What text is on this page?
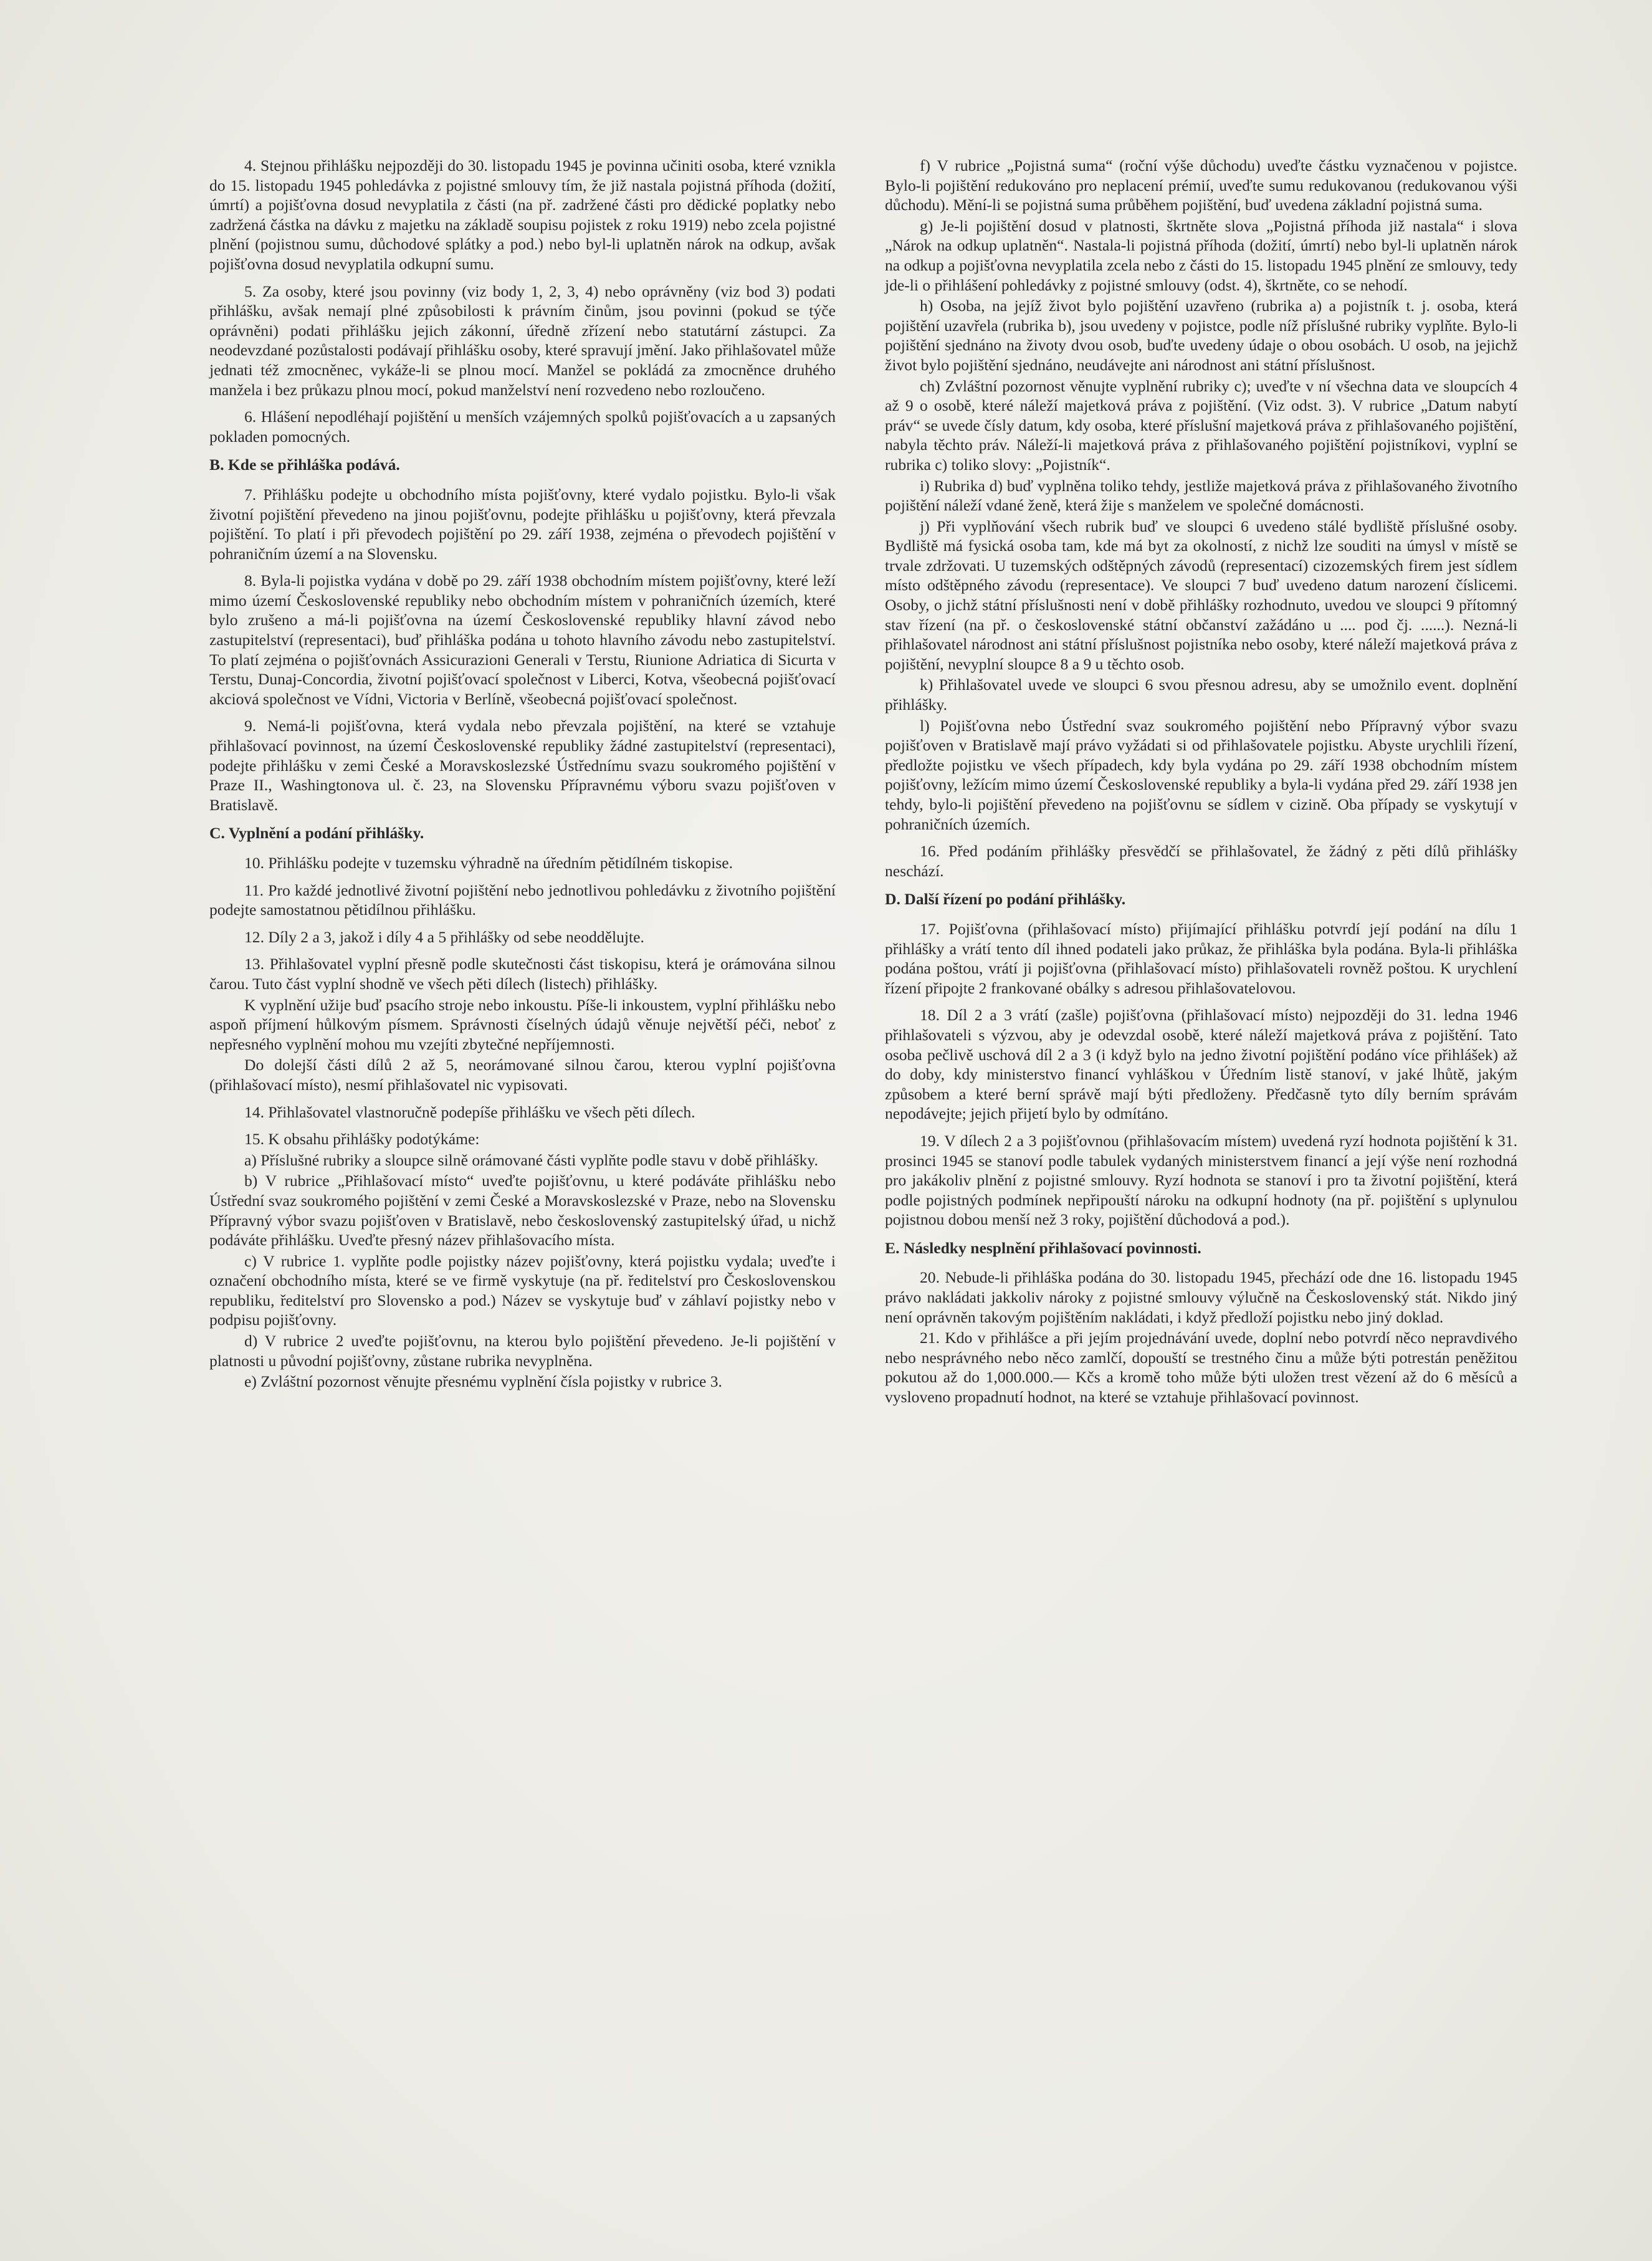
4. Stejnou přihlášku nejpozději do 30. listopadu 1945 je povinna učiniti osoba, které vznikla do 15. listopadu 1945 pohledávka z pojistné smlouvy tím, že již nastala pojistná příhoda (dožití, úmrtí) a pojišťovna dosud nevyplatila z části (na př. zadržené části pro dědické poplatky nebo zadržená částka na dávku z majetku na základě soupisu pojistek z roku 1919) nebo zcela pojistné plnění (pojistnou sumu, důchodové splátky a pod.) nebo byl-li uplatněn nárok na odkup, avšak pojišťovna dosud nevyplatila odkupní sumu.

5. Za osoby, které jsou povinny (viz body 1, 2, 3, 4) nebo oprávněny (viz bod 3) podati přihlášku, avšak nemají plné způsobilosti k právním činům, jsou povinni (pokud se týče oprávněni) podati přihlášku jejich zákonní, úředně zřízení nebo statutární zástupci. Za neodevzdané pozůstalosti podávají přihlášku osoby, které spravují jmění. Jako přihlašovatel může jednati též zmocněnec, vykáže-li se plnou mocí. Manžel se pokládá za zmocněnce druhého manžela i bez průkazu plnou mocí, pokud manželství není rozvedeno nebo rozloučeno.

6. Hlášení nepodléhají pojištění u menších vzájemných spolků pojišťovacích a u zapsaných pokladen pomocných.

B. Kde se přihláška podává.

7. Přihlášku podejte u obchodního místa pojišťovny, které vydalo pojistku. Bylo-li však životní pojištění převedeno na jinou pojišťovnu, podejte přihlášku u pojišťovny, která převzala pojištění. To platí i při převodech pojištění po 29. září 1938, zejména o převodech pojištění v pohraničním území a na Slovensku.

8. Byla-li pojistka vydána v době po 29. září 1938 obchodním místem pojišťovny, které leží mimo území Československé republiky nebo obchodním místem v pohraničních územích, které bylo zrušeno a má-li pojišťovna na území Československé republiky hlavní závod nebo zastupitelství (representaci), buď přihláška podána u tohoto hlavního závodu nebo zastupitelství. To platí zejména o pojišťovnách Assicurazioni Generali v Terstu, Riunione Adriatica di Sicurta v Terstu, Dunaj-Concordia, životní pojišťovací společnost v Liberci, Kotva, všeobecná pojišťovací akciová společnost ve Vídni, Victoria v Berlíně, všeobecná pojišťovací společnost.

9. Nemá-li pojišťovna, která vydala nebo převzala pojištění, na které se vztahuje přihlašovací povinnost, na území Československé republiky žádné zastupitelství (representaci), podejte přihlášku v zemi České a Moravskoslezské Ústřednímu svazu soukromého pojištění v Praze II., Washingtonova ul. č. 23, na Slovensku Přípravnému výboru svazu pojišťoven v Bratislavě.

C. Vyplnění a podání přihlášky.

10. Přihlášku podejte v tuzemsku výhradně na úředním pětidílném tiskopise.

11. Pro každé jednotlivé životní pojištění nebo jednotlivou pohledávku z životního pojištění podejte samostatnou pětidílnou přihlášku.

12. Díly 2 a 3, jakož i díly 4 a 5 přihlášky od sebe neoddělujte.

13. Přihlašovatel vyplní přesně podle skutečnosti část tiskopisu, která je orámována silnou čarou. Tuto část vyplní shodně ve všech pěti dílech (listech) přihlášky.

K vyplnění užije buď psacího stroje nebo inkoustu. Píše-li inkoustem, vyplní přihlášku nebo aspoň příjmení hůlkovým písmem. Správnosti číselných údajů věnuje největší péči, neboť z nepřesného vyplnění mohou mu vzejíti zbytečné nepříjemnosti.

Do dolejší části dílů 2 až 5, neorámované silnou čarou, kterou vyplní pojišťovna (přihlašovací místo), nesmí přihlašovatel nic vypisovati.

14. Přihlašovatel vlastnoručně podepíše přihlášku ve všech pěti dílech.

15. K obsahu přihlášky podotýkáme:

a) Příslušné rubriky a sloupce silně orámované části vyplňte podle stavu v době přihlášky.

b) V rubrice „Přihlašovací místo“ uveďte pojišťovnu, u které podáváte přihlášku nebo Ústřední svaz soukromého pojištění v zemi České a Moravskoslezské v Praze, nebo na Slovensku Přípravný výbor svazu pojišťoven v Bratislavě, nebo československý zastupitelský úřad, u nichž podáváte přihlášku. Uveďte přesný název přihlašovacího místa.

c) V rubrice 1. vyplňte podle pojistky název pojišťovny, která pojistku vydala; uveďte i označení obchodního místa, které se ve firmě vyskytuje (na př. ředitelství pro Československou republiku, ředitelství pro Slovensko a pod.) Název se vyskytuje buď v záhlaví pojistky nebo v podpisu pojišťovny.

d) V rubrice 2 uveďte pojišťovnu, na kterou bylo pojištění převedeno. Je-li pojištění v platnosti u původní pojišťovny, zůstane rubrika nevyplněna.

e) Zvláštní pozornost věnujte přesnému vyplnění čísla pojistky v rubrice 3.

f) V rubrice „Pojistná suma“ (roční výše důchodu) uveďte částku vyznačenou v pojistce. Bylo-li pojištění redukováno pro neplacení prémií, uveďte sumu redukovanou (redukovanou výši důchodu). Mění-li se pojistná suma průběhem pojištění, buď uvedena základní pojistná suma.

g) Je-li pojištění dosud v platnosti, škrtněte slova „Pojistná příhoda již nastala“ i slova „Nárok na odkup uplatněn“. Nastala-li pojistná příhoda (dožití, úmrtí) nebo byl-li uplatněn nárok na odkup a pojišťovna nevyplatila zcela nebo z části do 15. listopadu 1945 plnění ze smlouvy, tedy jde-li o přihlášení pohledávky z pojistné smlouvy (odst. 4), škrtněte, co se nehodí.

h) Osoba, na jejíž život bylo pojištění uzavřeno (rubrika a) a pojistník t. j. osoba, která pojištění uzavřela (rubrika b), jsou uvedeny v pojistce, podle níž příslušné rubriky vyplňte. Bylo-li pojištění sjednáno na životy dvou osob, buďte uvedeny údaje o obou osobách. U osob, na jejichž život bylo pojištění sjednáno, neudávejte ani národnost ani státní příslušnost.

ch) Zvláštní pozornost věnujte vyplnění rubriky c); uveďte v ní všechna data ve sloupcích 4 až 9 o osobě, které náleží majetková práva z pojištění. (Viz odst. 3). V rubrice „Datum nabytí práv“ se uvede čísly datum, kdy osoba, které příslušní majetková práva z přihlašovaného pojištění, nabyla těchto práv. Náleží-li majetková práva z přihlašovaného pojištění pojistníkovi, vyplní se rubrika c) toliko slovy: „Pojistník“.

i) Rubrika d) buď vyplněna toliko tehdy, jestliže majetková práva z přihlašovaného životního pojištění náleží vdané ženě, která žije s manželem ve společné domácnosti.

j) Při vyplňování všech rubrik buď ve sloupci 6 uvedeno stálé bydliště příslušné osoby. Bydliště má fysická osoba tam, kde má byt za okolností, z nichž lze souditi na úmysl v místě se trvale zdržovati. U tuzemských odštěpných závodů (representací) cizozemských firem jest sídlem místo odštěpného závodu (representace). Ve sloupci 7 buď uvedeno datum narození číslicemi. Osoby, o jichž státní příslušnosti není v době přihlášky rozhodnuto, uvedou ve sloupci 9 přítomný stav řízení (na př. o československé státní občanství zažádáno u .... pod čj. ......). Nezná-li přihlašovatel národnost ani státní příslušnost pojistníka nebo osoby, které náleží majetková práva z pojištění, nevyplní sloupce 8 a 9 u těchto osob.

k) Přihlašovatel uvede ve sloupci 6 svou přesnou adresu, aby se umožnilo event. doplnění přihlášky.

l) Pojišťovna nebo Ústřední svaz soukromého pojištění nebo Přípravný výbor svazu pojišťoven v Bratislavě mají právo vyžádati si od přihlašovatele pojistku. Abyste urychlili řízení, předložte pojistku ve všech případech, kdy byla vydána po 29. září 1938 obchodním místem pojišťovny, ležícím mimo území Československé republiky a byla-li vydána před 29. září 1938 jen tehdy, bylo-li pojištění převedeno na pojišťovnu se sídlem v cizině. Oba případy se vyskytují v pohraničních územích.

16. Před podáním přihlášky přesvědčí se přihlašovatel, že žádný z pěti dílů přihlášky neschází.

D. Další řízení po podání přihlášky.

17. Pojišťovna (přihlašovací místo) přijímající přihlášku potvrdí její podání na dílu 1 přihlášky a vrátí tento díl ihned podateli jako průkaz, že přihláška byla podána. Byla-li přihláška podána poštou, vrátí ji pojišťovna (přihlašovací místo) přihlašovateli rovněž poštou. K urychlení řízení připojte 2 frankované obálky s adresou přihlašovatelovou.

18. Díl 2 a 3 vrátí (zašle) pojišťovna (přihlašovací místo) nejpozději do 31. ledna 1946 přihlašovateli s výzvou, aby je odevzdal osobě, které náleží majetková práva z pojištění. Tato osoba pečlivě uschová díl 2 a 3 (i když bylo na jedno životní pojištění podáno více přihlášek) až do doby, kdy ministerstvo financí vyhláškou v Úředním listě stanoví, v jaké lhůtě, jakým způsobem a které berní správě mají býti předloženy. Předčasně tyto díly berním správám nepodávejte; jejich přijetí bylo by odmítáno.

19. V dílech 2 a 3 pojišťovnou (přihlašovacím místem) uvedená ryzí hodnota pojištění k 31. prosinci 1945 se stanoví podle tabulek vydaných ministerstvem financí a její výše není rozhodná pro jakákoliv plnění z pojistné smlouvy. Ryzí hodnota se stanoví i pro ta životní pojištění, která podle pojistných podmínek nepřipouští nároku na odkupní hodnoty (na př. pojištění s uplynulou pojistnou dobou menší než 3 roky, pojištění důchodová a pod.).

E. Následky nesplnění přihlašovací povinnosti.

20. Nebude-li přihláška podána do 30. listopadu 1945, přechází ode dne 16. listopadu 1945 právo nakládati jakkoliv nároky z pojistné smlouvy výlučně na Československý stát. Nikdo jiný není oprávněn takovým pojištěním nakládati, i když předloží pojistku nebo jiný doklad.

21. Kdo v přihlášce a při jejím projednávání uvede, doplní nebo potvrdí něco nepravdivého nebo nesprávného nebo něco zamlčí, dopouští se trestného činu a může býti potrestán peněžitou pokutou až do 1,000.000.— Kčs a kromě toho může býti uložen trest vězení až do 6 měsíců a vysloveno propadnutí hodnot, na které se vztahuje přihlašovací povinnost.
